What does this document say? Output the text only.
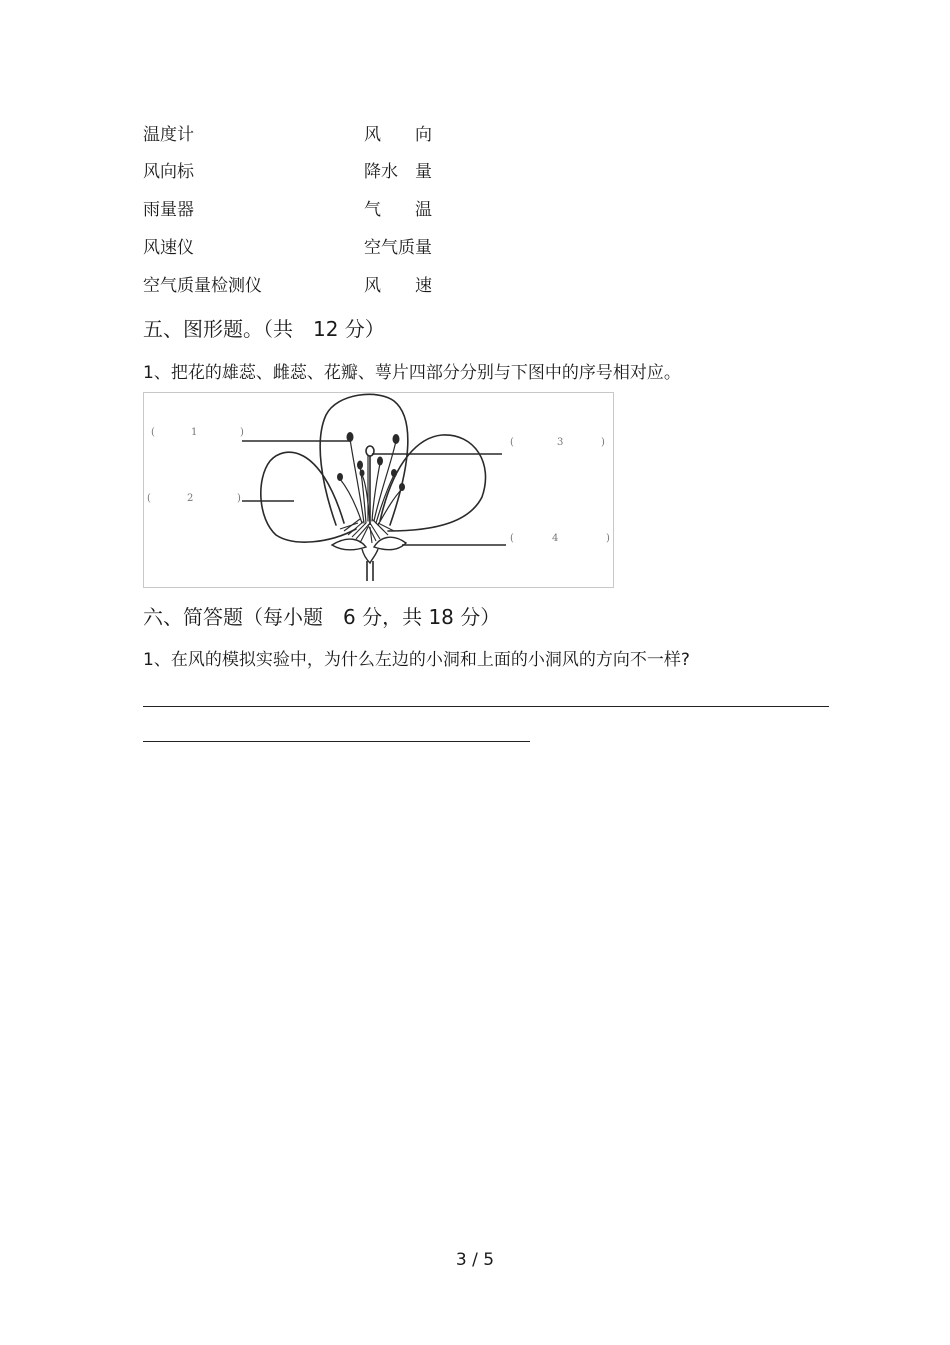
温度计	风　　向
风向标	降水　量
雨量器	气　　温
风速仪	空气质量
空气质量检测仪	风　　速
五、图形题。（共　12 分）
1、把花的雄蕊、雌蕊、花瓣、萼片四部分分别与下图中的序号相对应。
(	1	)
(	2	)
(	3	)
(	4	)
六、简答题（每小题　6 分，共 18 分）
1、在风的模拟实验中，为什么左边的小洞和上面的小洞风的方向不一样?
3 / 5
